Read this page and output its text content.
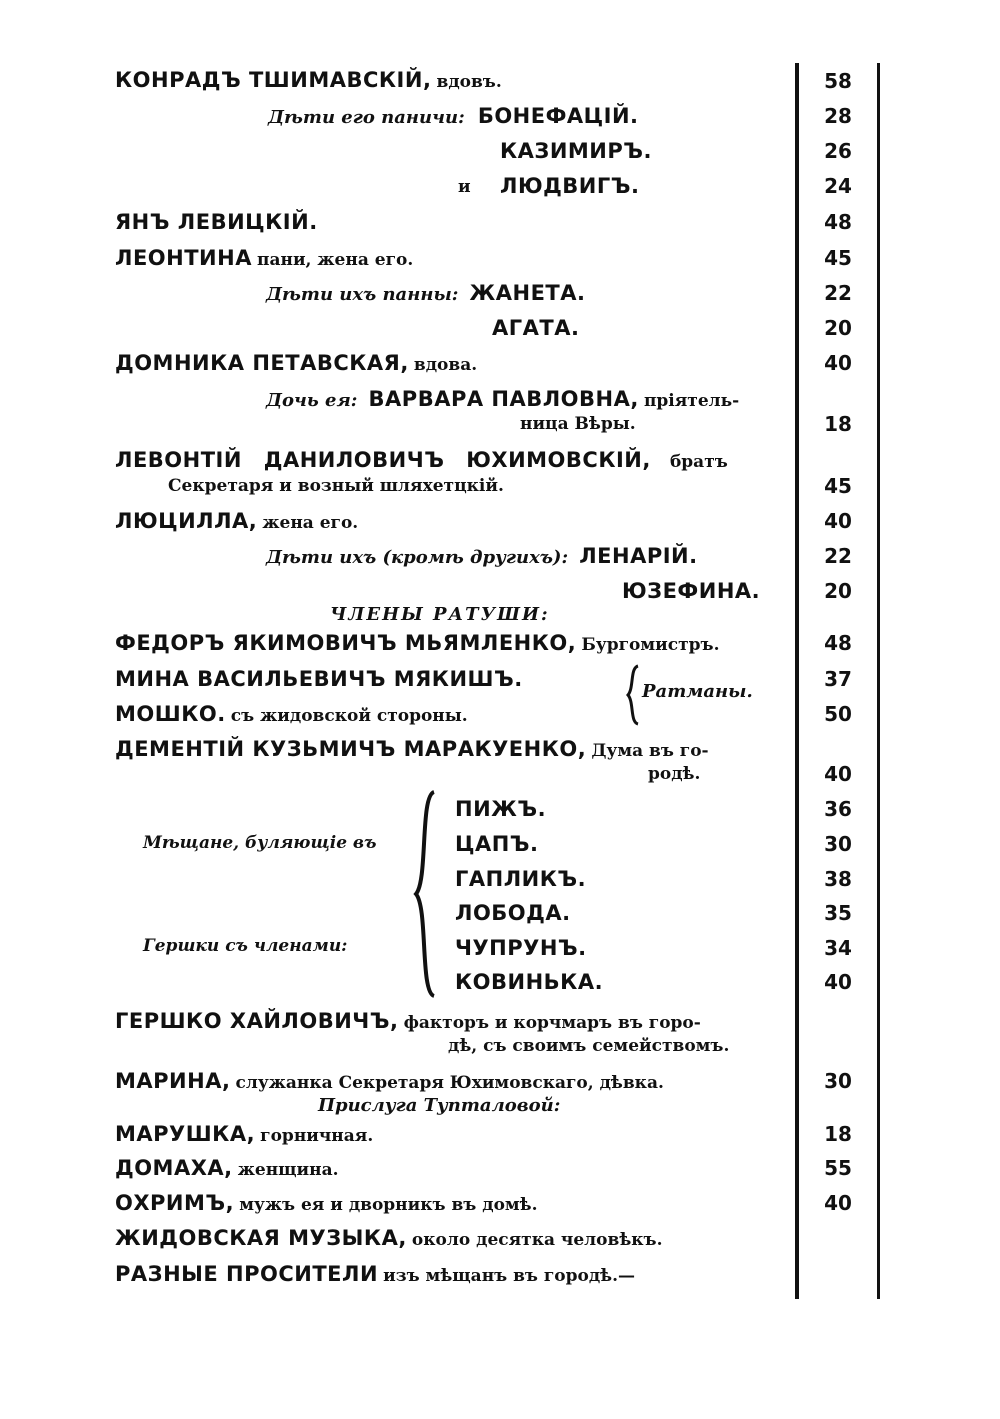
КОНРАДЪ ТШИМАВСКІЙ, вдовъ.	58
Дѣти его паничи: БОНЕФАЦІЙ.	28
КАЗИМИРЪ.	26
и ЛЮДВИГЪ.	24
ЯНЪ ЛЕВИЦКІЙ.	48
ЛЕОНТИНА пани, жена его.	45
Дѣти ихъ панны: ЖАНЕТА.	22
АГАТА.	20
ДОМНИКА ПЕТАВСКАЯ, вдова.	40
Дочь ея: ВАРВАРА ПАВЛОВНА, пріятель-
ница Вѣры.	18
ЛЕВОНТІЙ ДАНИЛОВИЧЪ ЮХИМОВСКІЙ, братъ
Секретаря и возный шляхетцкій.	45
ЛЮЦИЛЛА, жена его.	40
Дѣти ихъ (кромѣ другихъ): ЛЕНАРІЙ.	22
ЮЗЕФИНА.	20
ЧЛЕНЫ РАТУШИ:
ФЕДОРЪ ЯКИМОВИЧЪ МЬЯМЛЕНКО, Бургомистръ.	48
МИНА ВАСИЛЬЕВИЧЪ МЯКИШЪ.	37
МОШКО. съ жидовской стороны.	50
Ратманы.
ДЕМЕНТІЙ КУЗЬМИЧЪ МАРАКУЕНКО, Дума въ го-
родѣ.	40
Мѣщане, буляющіе въ
Гершки съ членами:
ПИЖЪ.	36
ЦАПЪ.	30
ГАПЛИКЪ.	38
ЛОБОДА.	35
ЧУПРУНЪ.	34
КОВИНЬКА.	40
ГЕРШКО ХАЙЛОВИЧЪ, факторъ и корчмаръ въ горо-
дѣ, съ своимъ семействомъ.
МАРИНА, служанка Секретаря Юхимовскаго, дѣвка.	30
Прислуга Тупталовой:
МАРУШКА, горничная.	18
ДОМАХА, женщина.	55
ОХРИМЪ, мужъ ея и дворникъ въ домѣ.	40
ЖИДОВСКАЯ МУЗЫКА, около десятка человѣкъ.
РАЗНЫЕ ПРОСИТЕЛИ изъ мѣщанъ въ городѣ.—
